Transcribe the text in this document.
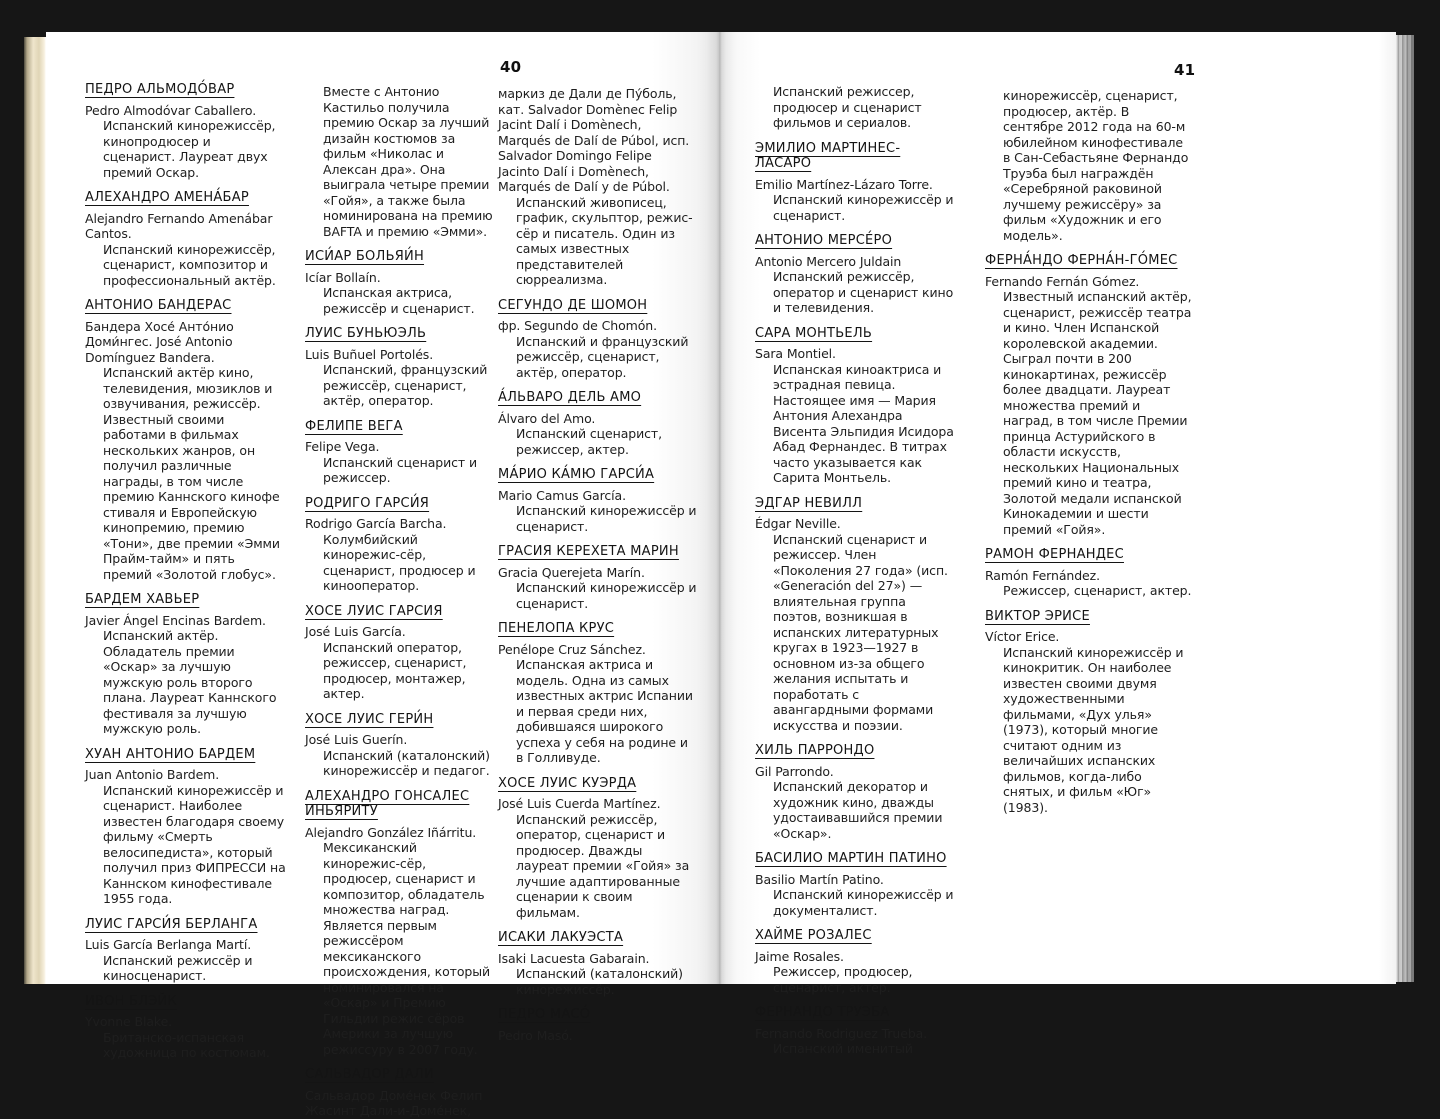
40	41
ПЕДРО АЛЬМОДО́ВАР
Pedro Almodóvar Caballero.
Испанский кинорежиссёр, кинопродюсер и сценарист. Лауреат двух премий Оскар.
АЛЕХАНДРО АМЕНА́БАР
Alejandro Fernando Amenábar Cantos.
Испанский кинорежиссёр, сценарист, композитор и профессиональный актёр.
АНТОНИО БАНДЕРАС
Бандера Хосе́ Анто́нио Доми́нгес. José Antonio Domínguez Bandera.
Испанский актёр кино, телевидения, мюзиклов и озвучивания, режиссёр. Известный своими работами в фильмах нескольких жанров, он получил различные награды, в том числе премию Каннского кинофе стиваля и Европейскую кинопремию, премию «Тони», две премии «Эмми Прайм-тайм» и пять премий «Золотой глобус».
БАРДЕМ ХАВЬЕР
Javier Ángel Encinas Bardem.
Испанский актёр. Обладатель премии «Оскар» за лучшую мужскую роль второго плана. Лауреат Каннского фестиваля за лучшую мужскую роль.
ХУАН АНТОНИО БАРДЕМ
Juan Antonio Bardem.
Испанский кинорежиссёр и сценарист. Наиболее известен благодаря своему фильму «Смерть велосипедиста», который получил приз ФИПРЕССИ на Каннском кинофестивале 1955 года.
ЛУИС ГАРСИ́Я БЕРЛАНГА
Luis García Berlanga Martí.
Испанский режиссёр и киносценарист.
ИВОН БЛЭЙК
Yvonne Blake.
Британско-испанская художница по костюмам.
Вместе с Антонио Кастильо получила премию Оскар за лучший дизайн костюмов за фильм «Николас и Алексан дра». Она выиграла четыре премии «Гойя», а также была номинирована на премию BAFTA и премию «Эмми».
ИСИ́АР БОЛЬЯИ́Н
Icíar Bollaín.
Испанская актриса, режиссёр и сценарист.
ЛУИС БУНЬЮЭЛЬ
Luis Buñuel Portolés.
Испанский, французский режиссёр, сценарист, актёр, оператор.
ФЕЛИПЕ ВЕГА
Felipe Vega.
Испанский сценарист и режиссер.
РОДРИГО ГАРСИ́Я
Rodrigo García Barcha.
Колумбийский кинорежис-сёр, сценарист, продюсер и кинооператор.
ХОСЕ ЛУИС ГАРСИЯ
José Luis García.
Испанский оператор, режиссер, сценарист, продюсер, монтажер, актер.
ХОСЕ ЛУИС ГЕРИ́Н
José Luis Guerín.
Испанский (каталонский) кинорежиссёр и педагог.
АЛЕХАНДРО ГОНСАЛЕС ИНЬЯРИТУ
Alejandro González Iñárritu.
Мексиканский кинорежис-сёр, продюсер, сценарист и композитор, обладатель множества наград. Является первым режиссёром мексиканского происхождения, который номинировался на «Оскар» и Премию Гильдии режис сёров Америки за лучшую режиссуру в 2007 году.
САЛЬВАДОР ДАЛИ
Сальвадор Доме́нек Фелип Жасинт Дали-и-Доме́нек,
маркиз де Дали де Пу́боль, кат. Salvador Domènec Felip Jacint Dalí i Domènech, Marqués de Dalí de Púbol, исп. Salvador Domingo Felipe Jacinto Dalí i Domènech, Marqués de Dalí y de Púbol.
Испанский живописец, график, скульптор, режис-сёр и писатель. Один из самых известных представителей сюрреализма.
СЕГУНДО ДЕ ШОМОН
фр. Segundo de Chomón.
Испанский и французский режиссёр, сценарист, актёр, оператор.
А́ЛЬВАРО ДЕЛЬ АМО
Álvaro del Amo.
Испанский сценарист, режиссер, актер.
МА́РИО КА́МЮ ГАРСИ́А
Mario Camus García.
Испанский кинорежиссёр и сценарист.
ГРАСИЯ КЕРЕХЕТА МАРИН
Gracia Querejeta Marín.
Испанский кинорежиссёр и сценарист.
ПЕНЕЛОПА КРУС
Penélope Cruz Sánchez.
Испанская актриса и модель. Одна из самых известных актрис Испании и первая среди них, добившаяся широкого успеха у себя на родине и в Голливуде.
ХОСЕ ЛУИС КУЭРДА
José Luis Cuerda Martínez.
Испанский режиссёр, оператор, сценарист и продюсер. Дважды лауреат премии «Гойя» за лучшие адаптированные сценарии к своим фильмам.
ИСАКИ ЛАКУЭСТА
Isaki Lacuesta Gabarain.
Испанский (каталонский) кинорежиссёр.
ПЕДРО МАСО́
Pedro Masó.
Испанский режиссер, продюсер и сценарист фильмов и сериалов.
ЭМИЛИО МАРТИНЕС-ЛАСАРО
Emilio Martínez-Lázaro Torre.
Испанский кинорежиссёр и сценарист.
АНТОНИО МЕРСЕ́РО
Antonio Mercero Juldain
Испанский режиссёр, оператор и сценарист кино и телевидения.
САРА МОНТЬЕЛЬ
Sara Montiel.
Испанская киноактриса и эстрадная певица. Настоящее имя — Мария Антония Алехандра Висента Эльпидия Исидора Абад Фернандес. В титрах часто указывается как Сарита Монтьель.
ЭДГАР НЕВИЛЛ
Édgar Neville.
Испанский сценарист и режиссер. Член «Поколения 27 года» (исп. «Generación del 27») — влиятельная группа поэтов, возникшая в испанских литературных кругах в 1923—1927 в основном из-за общего желания испытать и поработать с авангардными формами искусства и поэзии.
ХИЛЬ ПАРРОНДО
Gil Parrondo.
Испанский декоратор и художник кино, дважды удостаивавшийся премии «Оскар».
БАСИЛИО МАРТИН ПАТИНО
Basilio Martín Patino.
Испанский кинорежиссёр и документалист.
ХАЙМЕ РОЗАЛЕС
Jaime Rosales.
Режиссер, продюсер, сценарист, актер.
ФЕРНАНДО ТРУЭБА
Fernando Rodriguez Trueba.
Испанский именитый
кинорежиссёр, сценарист, продюсер, актёр. В сентябре 2012 года на 60-м юбилейном кинофестивале в Сан-Себастьяне Фернандо Труэба был награждён «Серебряной раковиной лучшему режиссёру» за фильм «Художник и его модель».
ФЕРНА́НДО ФЕРНА́Н-ГО́МЕС
Fernando Fernán Gómez.
Известный испанский актёр, сценарист, режиссёр театра и кино. Член Испанской королевской академии. Сыграл почти в 200 кинокартинах, режиссёр более двадцати. Лауреат множества премий и наград, в том числе Премии принца Астурийского в области искусств, нескольких Национальных премий кино и театра, Золотой медали испанской Кинокадемии и шести премий «Гойя».
РАМОН ФЕРНАНДЕС
Ramón Fernández.
Режиссер, сценарист, актер.
ВИКТОР ЭРИСЕ
Víctor Erice.
Испанский кинорежиссёр и кинокритик. Он наиболее известен своими двумя художественными фильмами, «Дух улья» (1973), который многие считают одним из величайших испанских фильмов, когда-либо снятых, и фильм «Юг» (1983).
